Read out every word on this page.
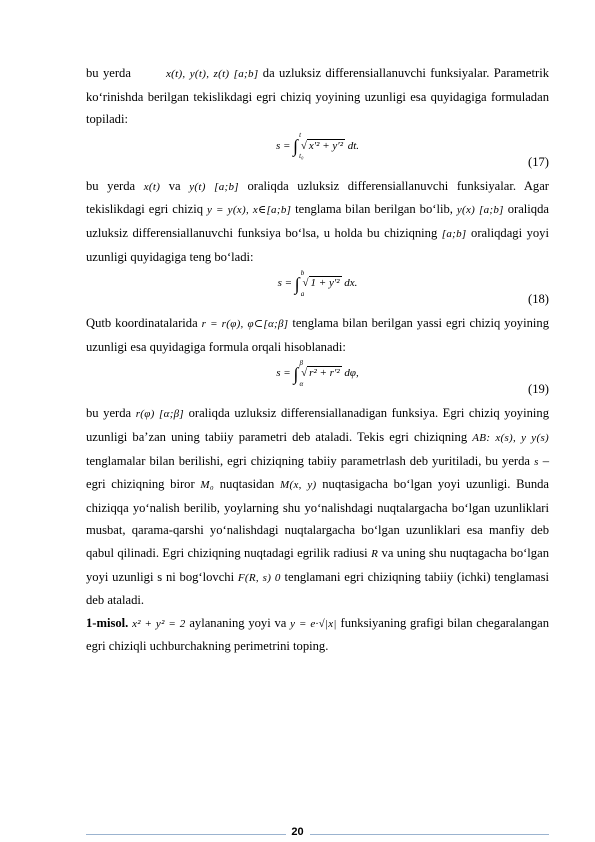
bu yerda	x(t), y(t), z(t) [a;b] da uzluksiz differensiallanuvchi funksiyalar. Parametrik ko‘rinishda berilgan tekislikdagi egri chiziq yoyining uzunligi esa quyidagiga formuladan topiladi:

s = ∫
t
t₀
√ x′² + y′² dt.
(17)

bu yerda x(t) va y(t) [a;b] oraliqda uzluksiz differensiallanuvchi funksiyalar. Agar tekislikdagi egri chiziq y = y(x), x∈[a;b] tenglama bilan berilgan bo‘lib, y(x) [a;b] oraliqda uzluksiz differensiallanuvchi funksiya bo‘lsa, u holda bu chiziqning [a;b] oraliqdagi yoyi uzunligi quyidagiga teng bo‘ladi:

s = ∫
b
a
√ 1 + y′² dx.
(18)

Qutb koordinatalarida r = r(φ), φ⊂[α;β] tenglama bilan berilgan yassi egri chiziq yoyining uzunligi esa quyidagiga formula orqali hisoblanadi:

s = ∫
β
α
√ r² + r′² dφ,
(19)

bu yerda r(φ) [α;β] oraliqda uzluksiz differensiallanadigan funksiya. Egri chiziq yoyining uzunligi ba’zan uning tabiiy parametri deb ataladi. Tekis egri chiziqning AB: x(s), y y(s) tenglamalar bilan berilishi, egri chiziqning tabiiy parametrlash deb yuritiladi, bu yerda s – egri chiziqning biror M₀ nuqtasidan M(x, y) nuqtasigacha bo‘lgan yoyi uzunligi. Bunda chiziqqa yo‘nalish berilib, yoylarning shu yo‘nalishdagi nuqtalargacha bo‘lgan uzunliklari musbat, qarama-qarshi yo‘nalishdagi nuqtalargacha bo‘lgan uzunliklari esa manfiy deb qabul qilinadi. Egri chiziqning nuqtadagi egrilik radiusi R va uning shu nuqtagacha bo‘lgan yoyi uzunligi s ni bog‘lovchi F(R, s) 0 tenglamani egri chiziqning tabiiy (ichki) tenglamasi deb ataladi.

1-misol. x² + y² = 2 aylananing yoyi va y = e·√|x| funksiyaning grafigi bilan chegaralangan egri chiziqli uchburchakning perimetrini toping.

20
